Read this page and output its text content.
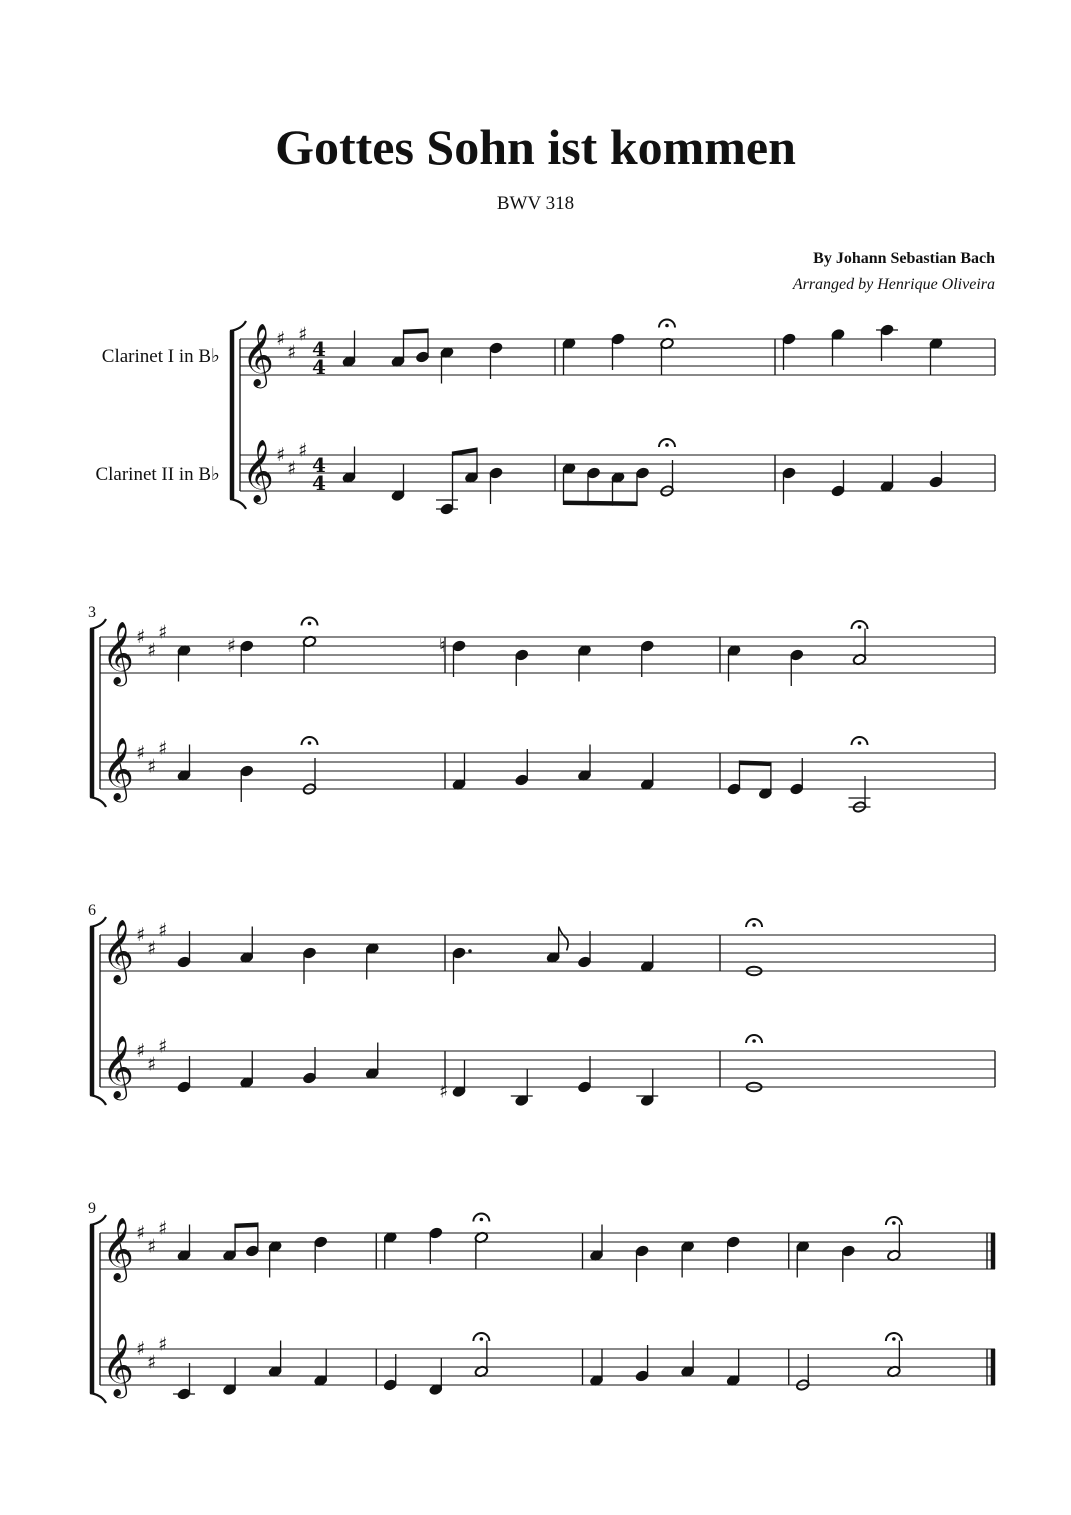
Gottes Sohn ist kommen
BWV 318
By Johann Sebastian Bach
Arranged by Henrique Oliveira
Clarinet I in B♭
Clarinet II in B♭
𝄞 ♯
♯
♯
4
4
𝄞 ♯
♯
♯
4
4
3
𝄞 ♯
♯
♯
♯	♮
𝄞 ♯
♯
♯
6
𝄞 ♯
♯
♯
𝄞 ♯
♯
♯
♯
9
𝄞 ♯
♯
♯
𝄞 ♯
♯
♯
